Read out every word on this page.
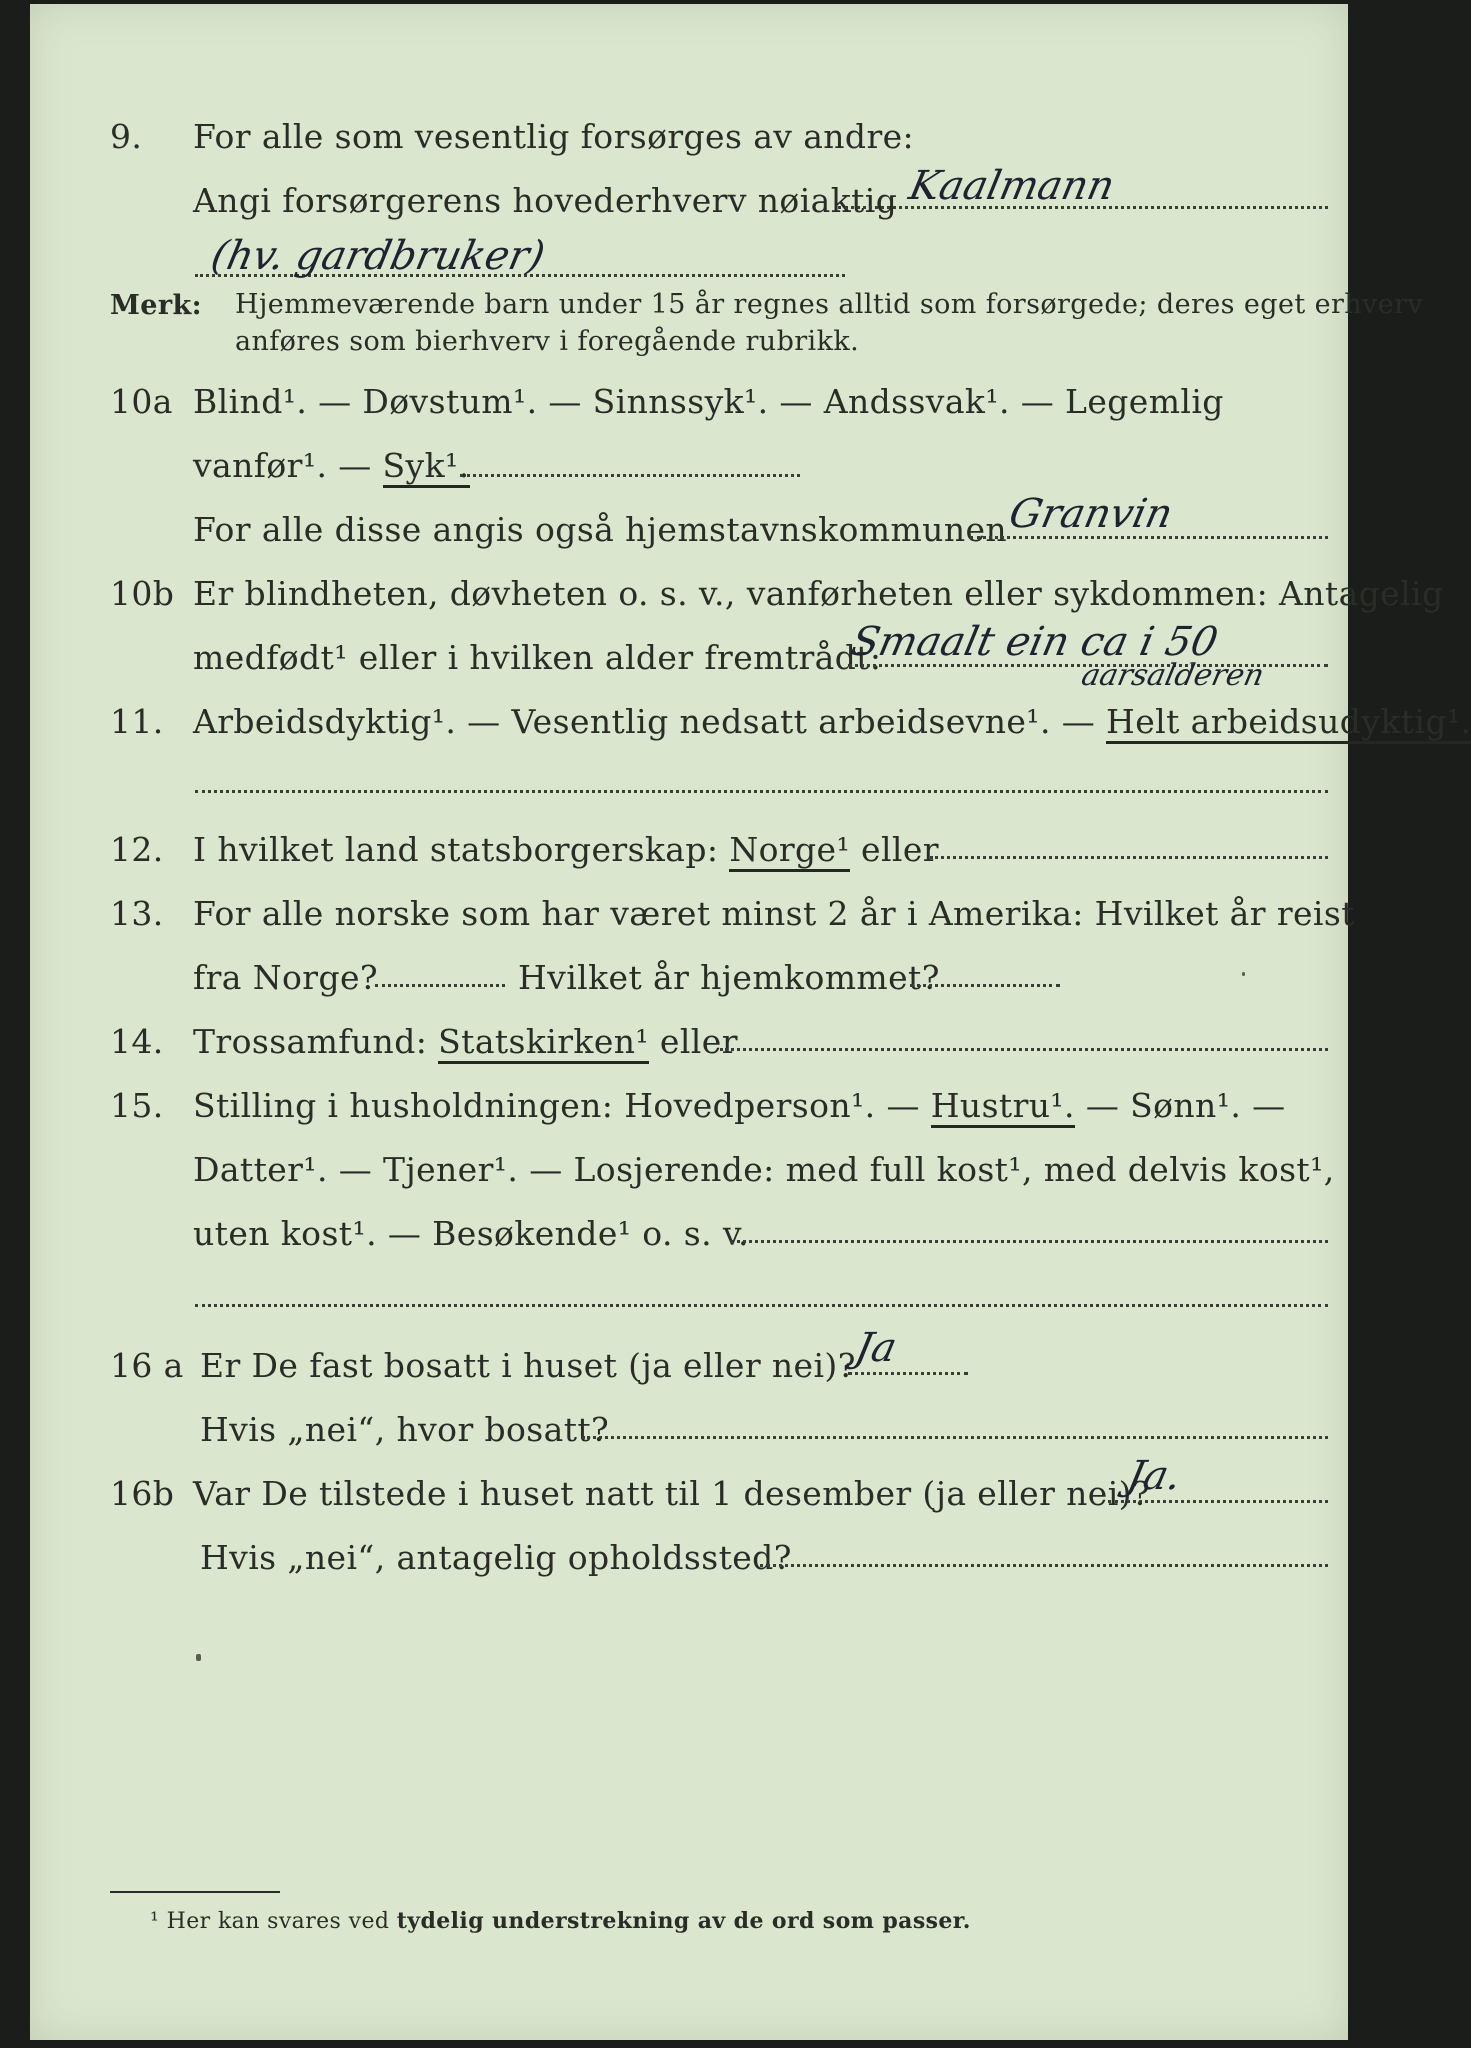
9. For alle som vesentlig forsørges av andre:
Angi forsørgerens hovederhverv nøiaktig Kaalmann
(hv. gardbruker)
Merk: Hjemmeværende barn under 15 år regnes alltid som forsørgede; deres eget erhverv
anføres som bierhverv i foregående rubrikk.
10a Blind¹. — Døvstum¹. — Sinnssyk¹. — Andssvak¹. — Legemlig
vanfør¹. — Syk¹.
For alle disse angis også hjemstavnskommunen
Granvin
10b Er blindheten, døvheten o. s. v., vanførheten eller sykdommen: Antagelig
medfødt¹ eller i hvilken alder fremtrådt:
Smaalt ein ca i 50
aarsalderen
11. Arbeidsdyktig¹. — Vesentlig nedsatt arbeidsevne¹. — Helt arbeidsudyktig¹.
12. I hvilket land statsborgerskap: Norge¹ eller
13. For alle norske som har været minst 2 år i Amerika: Hvilket år reist
fra Norge?	Hvilket år hjemkommet?
14. Trossamfund: Statskirken¹ eller
15. Stilling i husholdningen: Hovedperson¹. — Hustru¹. — Sønn¹. —
Datter¹. — Tjener¹. — Losjerende: med full kost¹, med delvis kost¹,
uten kost¹. — Besøkende¹ o. s. v.
16 a Er De fast bosatt i huset (ja eller nei)?
Ja
Hvis „nei“, hvor bosatt?
16b Var De tilstede i huset natt til 1 desember (ja eller nei)?
Ja.
Hvis „nei“, antagelig opholdssted?
¹ Her kan svares ved tydelig understrekning av de ord som passer.
